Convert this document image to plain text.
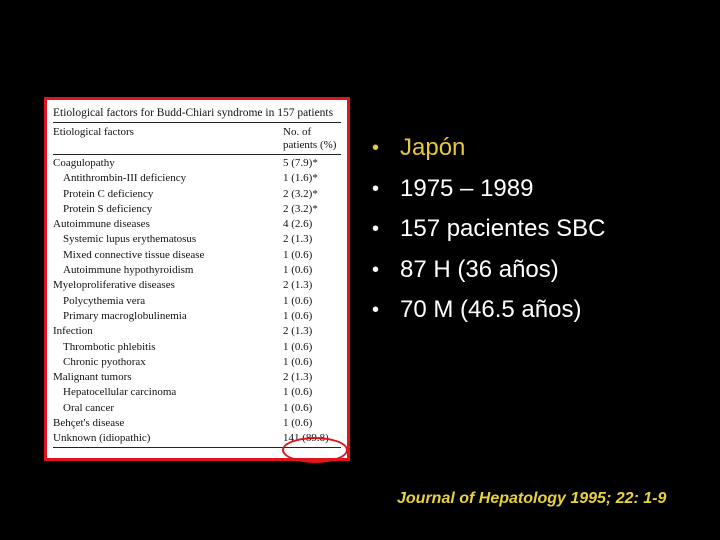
Etiological factors for Budd-Chiari syndrome in 157 patients
Etiological factors	No. of
patients (%)
Coagulopathy	5 (7.9)*
Antithrombin-III deficiency	1 (1.6)*
Protein C deficiency	2 (3.2)*
Protein S deficiency	2 (3.2)*
Autoimmune diseases	4 (2.6)
Systemic lupus erythematosus	2 (1.3)
Mixed connective tissue disease	1 (0.6)
Autoimmune hypothyroidism	1 (0.6)
Myeloproliferative diseases	2 (1.3)
Polycythemia vera	1 (0.6)
Primary macroglobulinemia	1 (0.6)
Infection	2 (1.3)
Thrombotic phlebitis	1 (0.6)
Chronic pyothorax	1 (0.6)
Malignant tumors	2 (1.3)
Hepatocellular carcinoma	1 (0.6)
Oral cancer	1 (0.6)
Behçet's disease	1 (0.6)
Unknown (idiopathic)	141 (89.8)
• Japón
• 1975 – 1989
• 157 pacientes SBC
• 87 H (36 años)
• 70 M (46.5 años)
Journal of Hepatology 1995; 22: 1-9
